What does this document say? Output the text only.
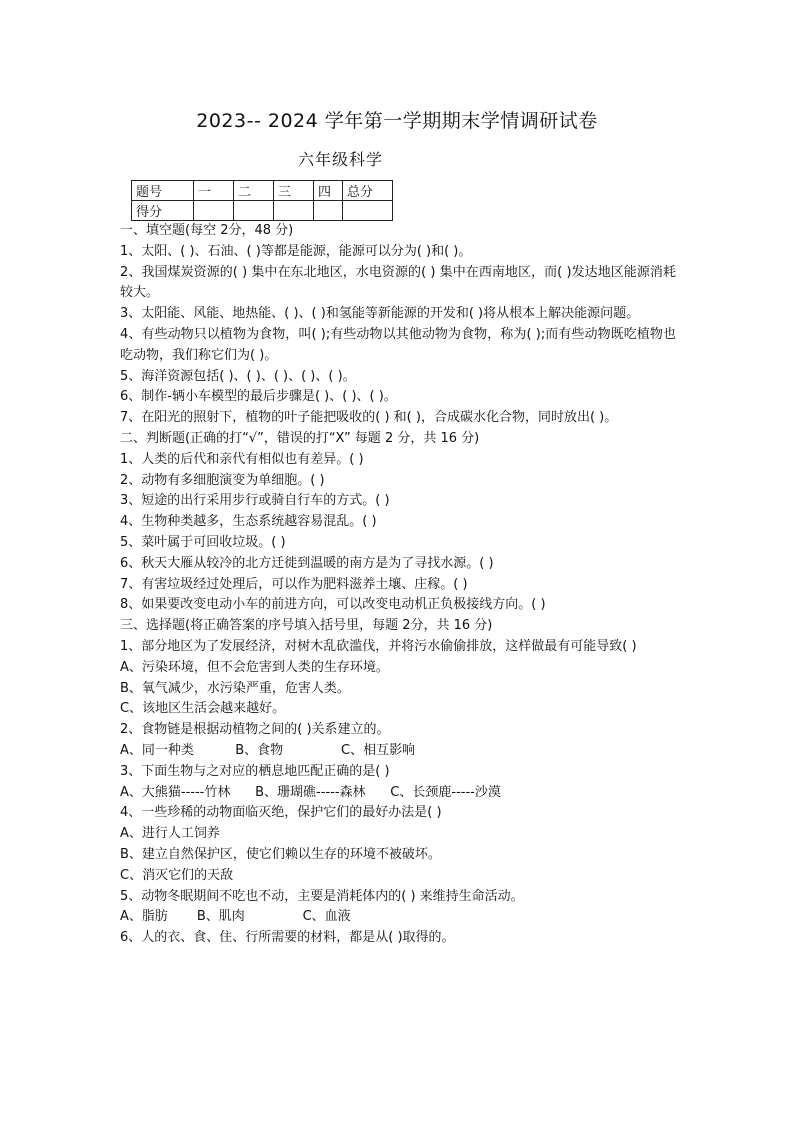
2023-- 2024 学年第一学期期末学情调研试卷
六年级科学
题号	一	二	三	四	总分
得分					
一、填空题(每空 2分，48 分)
1、太阳、( )、石油、( )等都是能源，能源可以分为( )和( )。
2、我国煤炭资源的( ) 集中在东北地区，水电资源的( ) 集中在西南地区，而( )发达地区能源消耗较大。
3、太阳能、风能、地热能、( )、( )和氢能等新能源的开发和( )将从根本上解决能源问题。
4、有些动物只以植物为食物，叫( );有些动物以其他动物为食物，称为( );而有些动物既吃植物也吃动物，我们称它们为( )。
5、海洋资源包括( )、( )、( )、( )、( )。
6、制作-辆小车模型的最后步骤是( )、( )、( )。
7、在阳光的照射下，植物的叶子能把吸收的( ) 和( )，合成碳水化合物，同时放出( )。
二、判断题(正确的打“√”，错误的打“X” 每题 2 分，共 16 分)
1、人类的后代和亲代有相似也有差异。( )
2、动物有多细胞演变为单细胞。( )
3、短途的出行采用步行或骑自行车的方式。( )
4、生物种类越多，生态系统越容易混乱。( )
5、菜叶属于可回收垃圾。( )
6、秋天大雁从较冷的北方迁徙到温暖的南方是为了寻找水源。( )
7、有害垃圾经过处理后，可以作为肥料滋养土壤、庄稼。( )
8、如果要改变电动小车的前进方向，可以改变电动机正负极接线方向。( )
三、选择题(将正确答案的序号填入括号里，每题 2分，共 16 分)
1、部分地区为了发展经济，对树木乱砍滥伐，并将污水偷偷排放，这样做最有可能导致( )
A、污染环境，但不会危害到人类的生存环境。
B、氧气减少，水污染严重，危害人类。
C、该地区生活会越来越好。
2、食物链是根据动植物之间的( )关系建立的。
A、同一种类          B、食物              C、相互影响
3、下面生物与之对应的栖息地匹配正确的是( )
A、大熊猫-----竹林      B、珊瑚礁-----森林      C、长颈鹿-----沙漠
4、一些珍稀的动物面临灭绝，保护它们的最好办法是( )
A、进行人工饲养
B、建立自然保护区，使它们赖以生存的环境不被破坏。
C、消灭它们的天敌
5、动物冬眠期间不吃也不动，主要是消耗体内的( ) 来维持生命活动。
A、脂肪       B、肌肉              C、血液
6、人的衣、食、住、行所需要的材料，都是从( )取得的。
